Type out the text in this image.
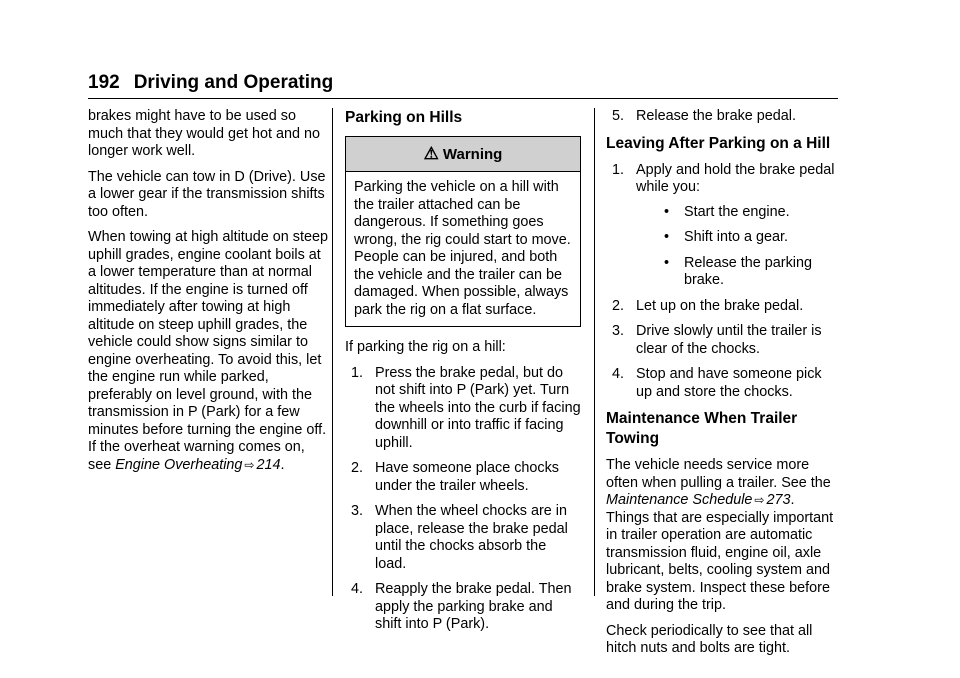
192 Driving and Operating

brakes might have to be used so much that they would get hot and no longer work well.

The vehicle can tow in D (Drive). Use a lower gear if the transmission shifts too often.

When towing at high altitude on steep uphill grades, engine coolant boils at a lower temperature than at normal altitudes. If the engine is turned off immediately after towing at high altitude on steep uphill grades, the vehicle could show signs similar to engine overheating. To avoid this, let the engine run while parked, preferably on level ground, with the transmission in P (Park) for a few minutes before turning the engine off. If the overheat warning comes on, see Engine Overheating ⇨ 214.

Parking on Hills
⚠ Warning
Parking the vehicle on a hill with the trailer attached can be dangerous. If something goes wrong, the rig could start to move. People can be injured, and both the vehicle and the trailer can be damaged. When possible, always park the rig on a flat surface.

If parking the rig on a hill:

1. Press the brake pedal, but do not shift into P (Park) yet. Turn the wheels into the curb if facing downhill or into traffic if facing uphill.
2. Have someone place chocks under the trailer wheels.
3. When the wheel chocks are in place, release the brake pedal until the chocks absorb the load.
4. Reapply the brake pedal. Then apply the parking brake and shift into P (Park).
5. Release the brake pedal.
Leaving After Parking on a Hill
1. Apply and hold the brake pedal while you:
• Start the engine.
• Shift into a gear.
• Release the parking brake.
2. Let up on the brake pedal.
3. Drive slowly until the trailer is clear of the chocks.
4. Stop and have someone pick up and store the chocks.
Maintenance When Trailer Towing

The vehicle needs service more often when pulling a trailer. See the Maintenance Schedule ⇨ 273. Things that are especially important in trailer operation are automatic transmission fluid, engine oil, axle lubricant, belts, cooling system and brake system. Inspect these before and during the trip.

Check periodically to see that all hitch nuts and bolts are tight.
